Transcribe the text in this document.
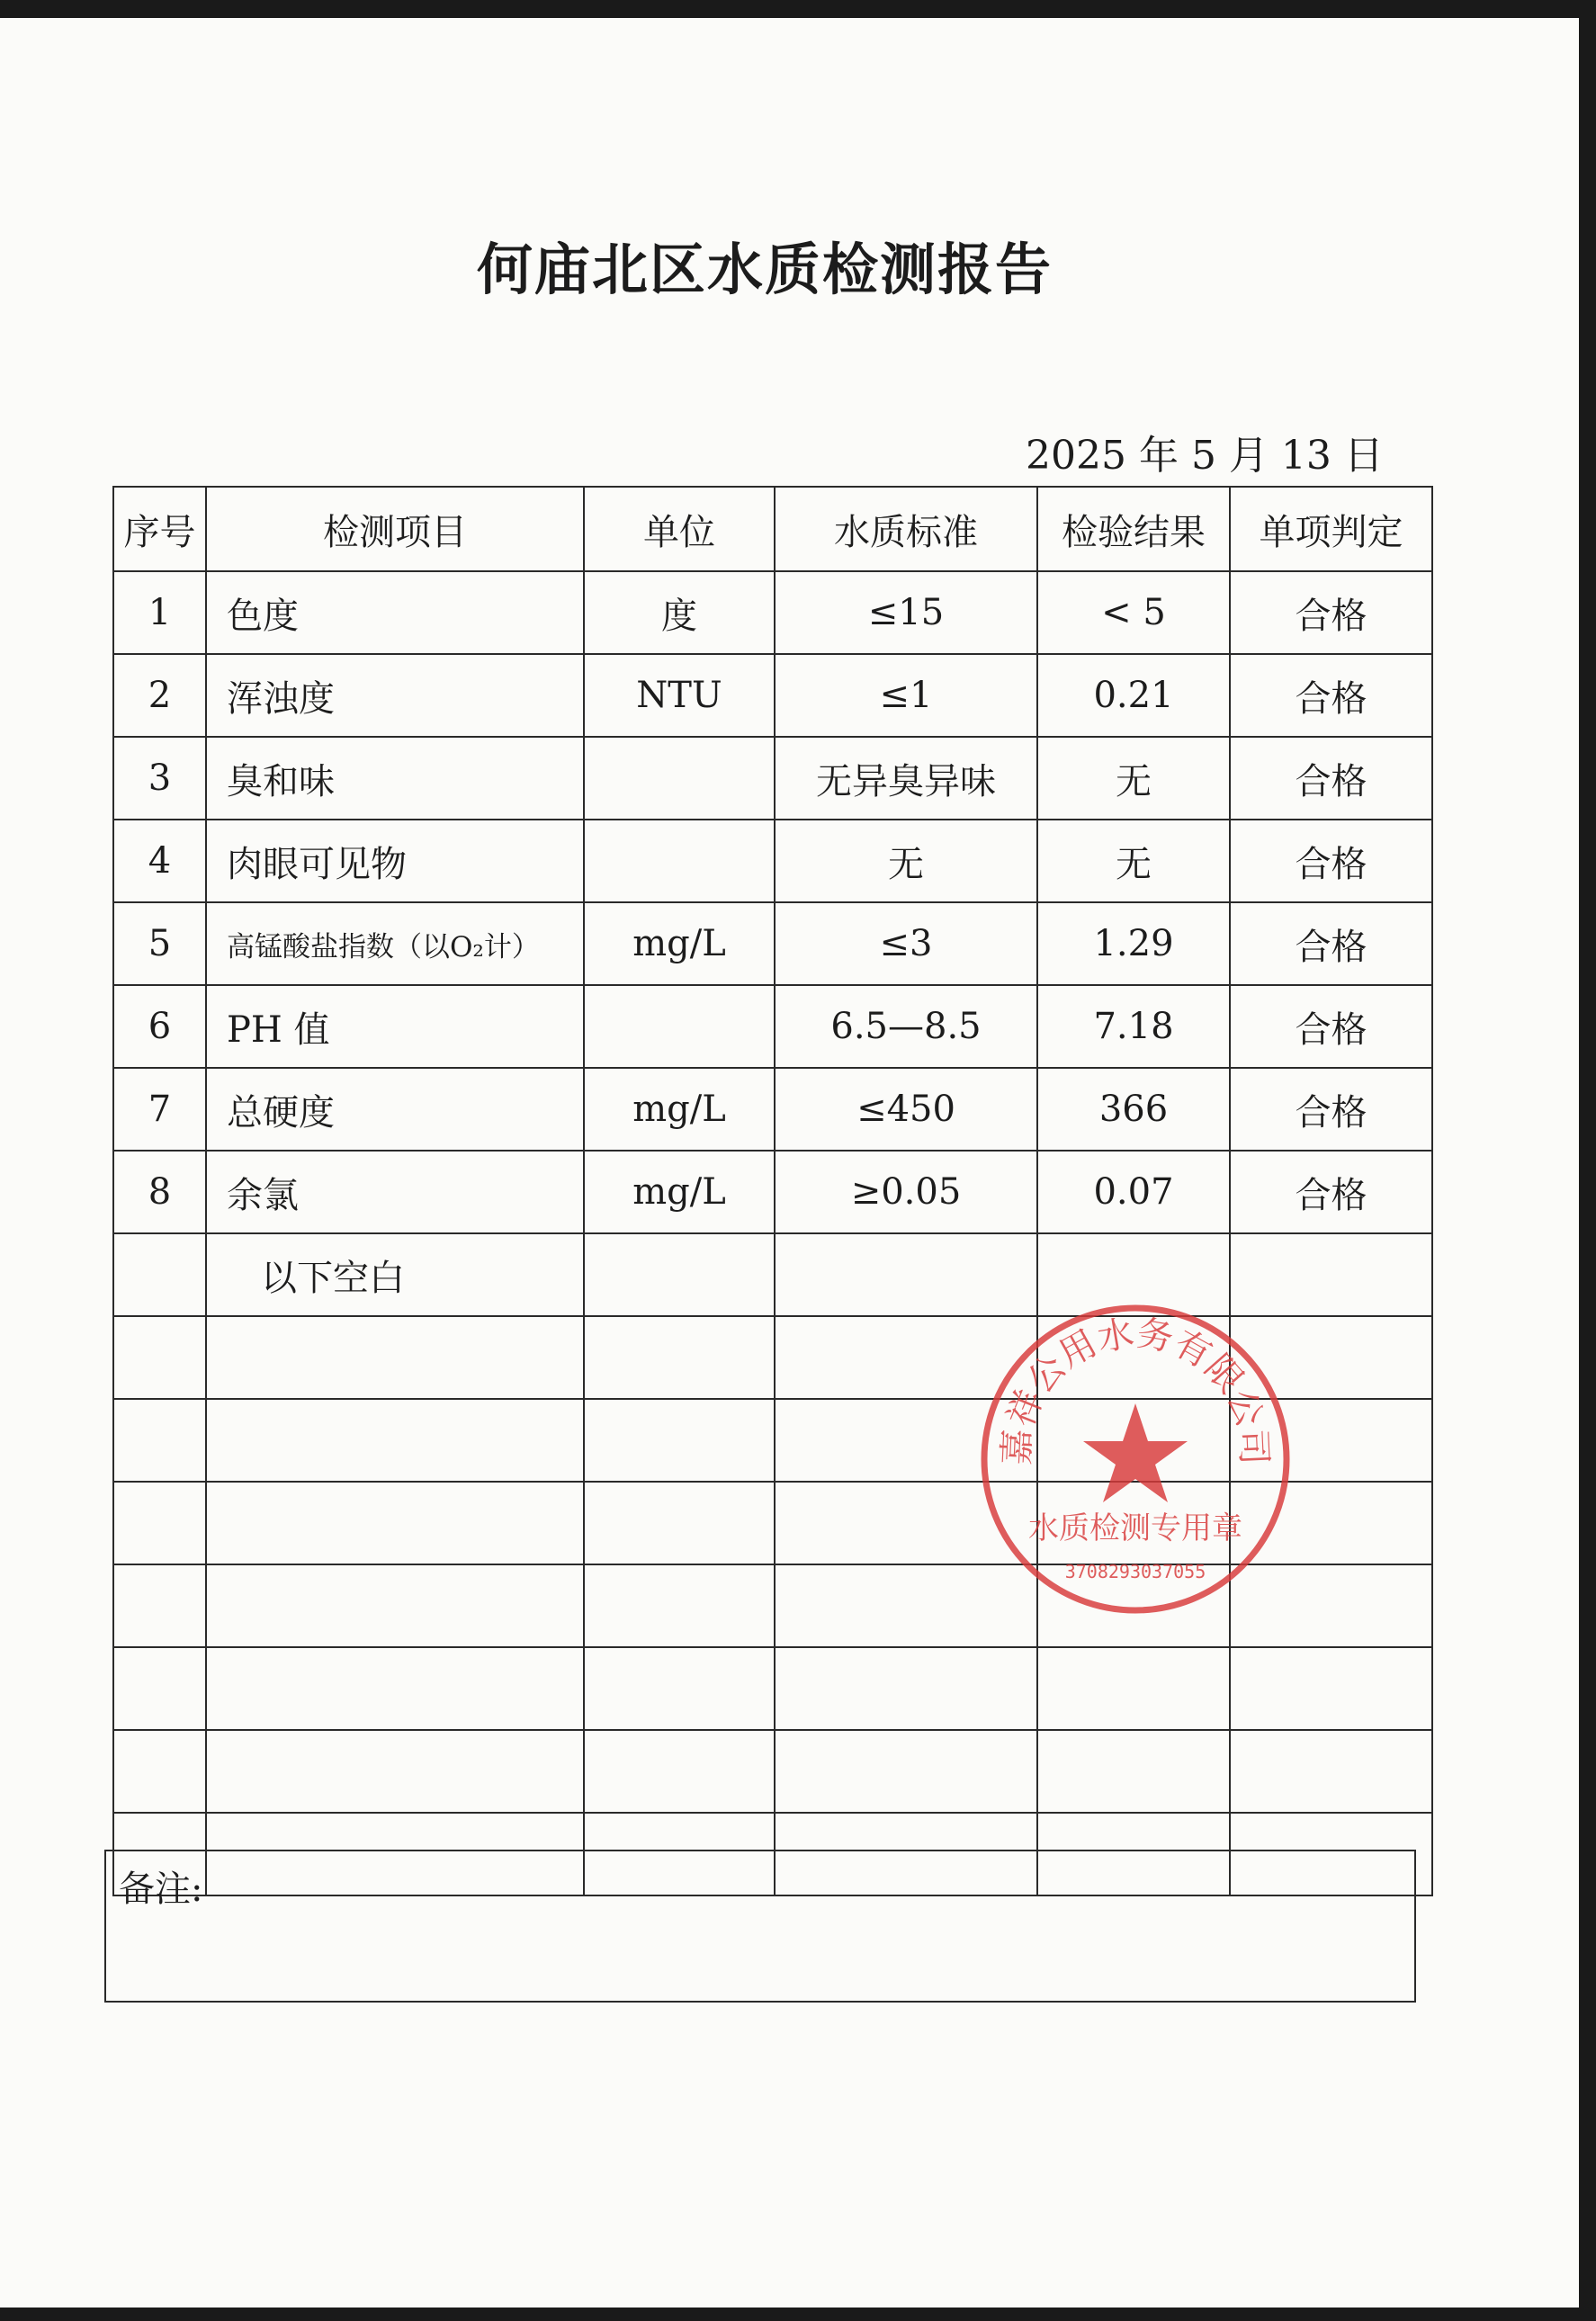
何庙北区水质检测报告
2025 年 5 月 13 日
序号	检测项目	单位	水质标准	检验结果	单项判定
1	色度	度	≤15	< 5	合格
2	浑浊度	NTU	≤1	0.21	合格
3	臭和味		无异臭异味	无	合格
4	肉眼可见物		无	无	合格
5	高锰酸盐指数（以O₂计）	mg/L	≤3	1.29	合格
6	PH 值		6.5—8.5	7.18	合格
7	总硬度	mg/L	≤450	366	合格
8	余氯	mg/L	≥0.05	0.07	合格
	以下空白				

备注:
嘉祥公用水务有限公司
水质检测专用章
3708293037055
